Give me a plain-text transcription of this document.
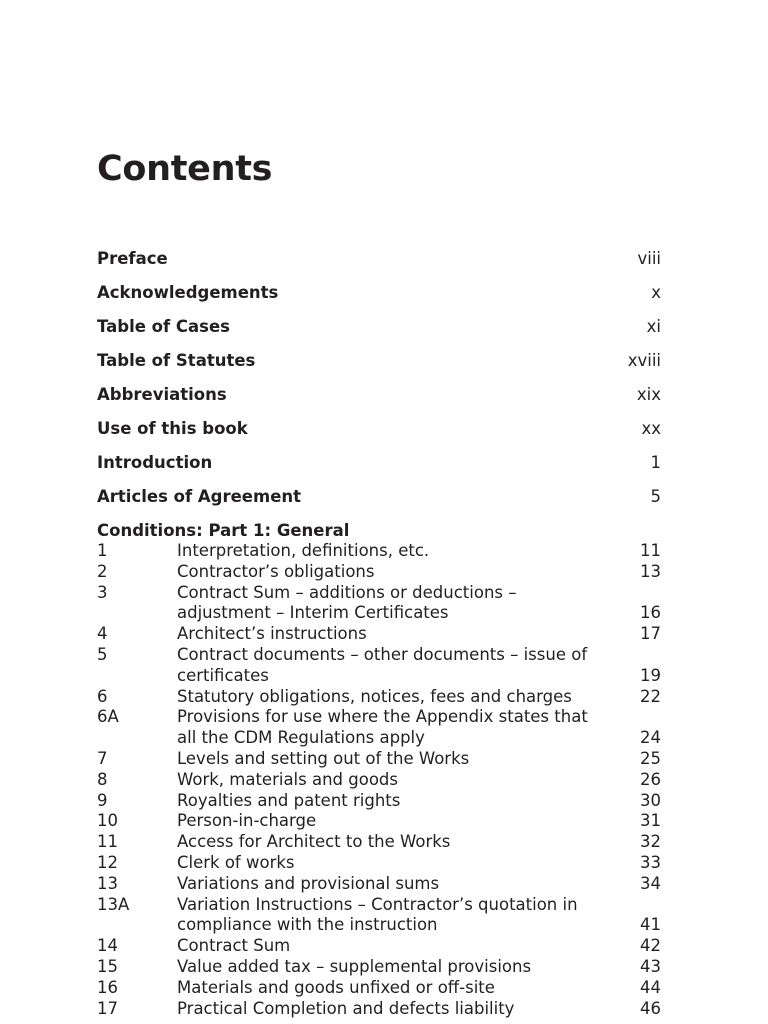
Contents
Preface	viii
Acknowledgements	x
Table of Cases	xi
Table of Statutes	xviii
Abbreviations	xix
Use of this book	xx
Introduction	1
Articles of Agreement	5
Conditions: Part 1: General
1	Interpretation, definitions, etc.	11
2	Contractor’s obligations	13
3	Contract Sum – additions or deductions – adjustment – Interim Certificates	16
4	Architect’s instructions	17
5	Contract documents – other documents – issue of certificates	19
6	Statutory obligations, notices, fees and charges	22
6A	Provisions for use where the Appendix states that all the CDM Regulations apply	24
7	Levels and setting out of the Works	25
8	Work, materials and goods	26
9	Royalties and patent rights	30
10	Person-in-charge	31
11	Access for Architect to the Works	32
12	Clerk of works	33
13	Variations and provisional sums	34
13A	Variation Instructions – Contractor’s quotation in compliance with the instruction	41
14	Contract Sum	42
15	Value added tax – supplemental provisions	43
16	Materials and goods unfixed or off-site	44
17	Practical Completion and defects liability	46
